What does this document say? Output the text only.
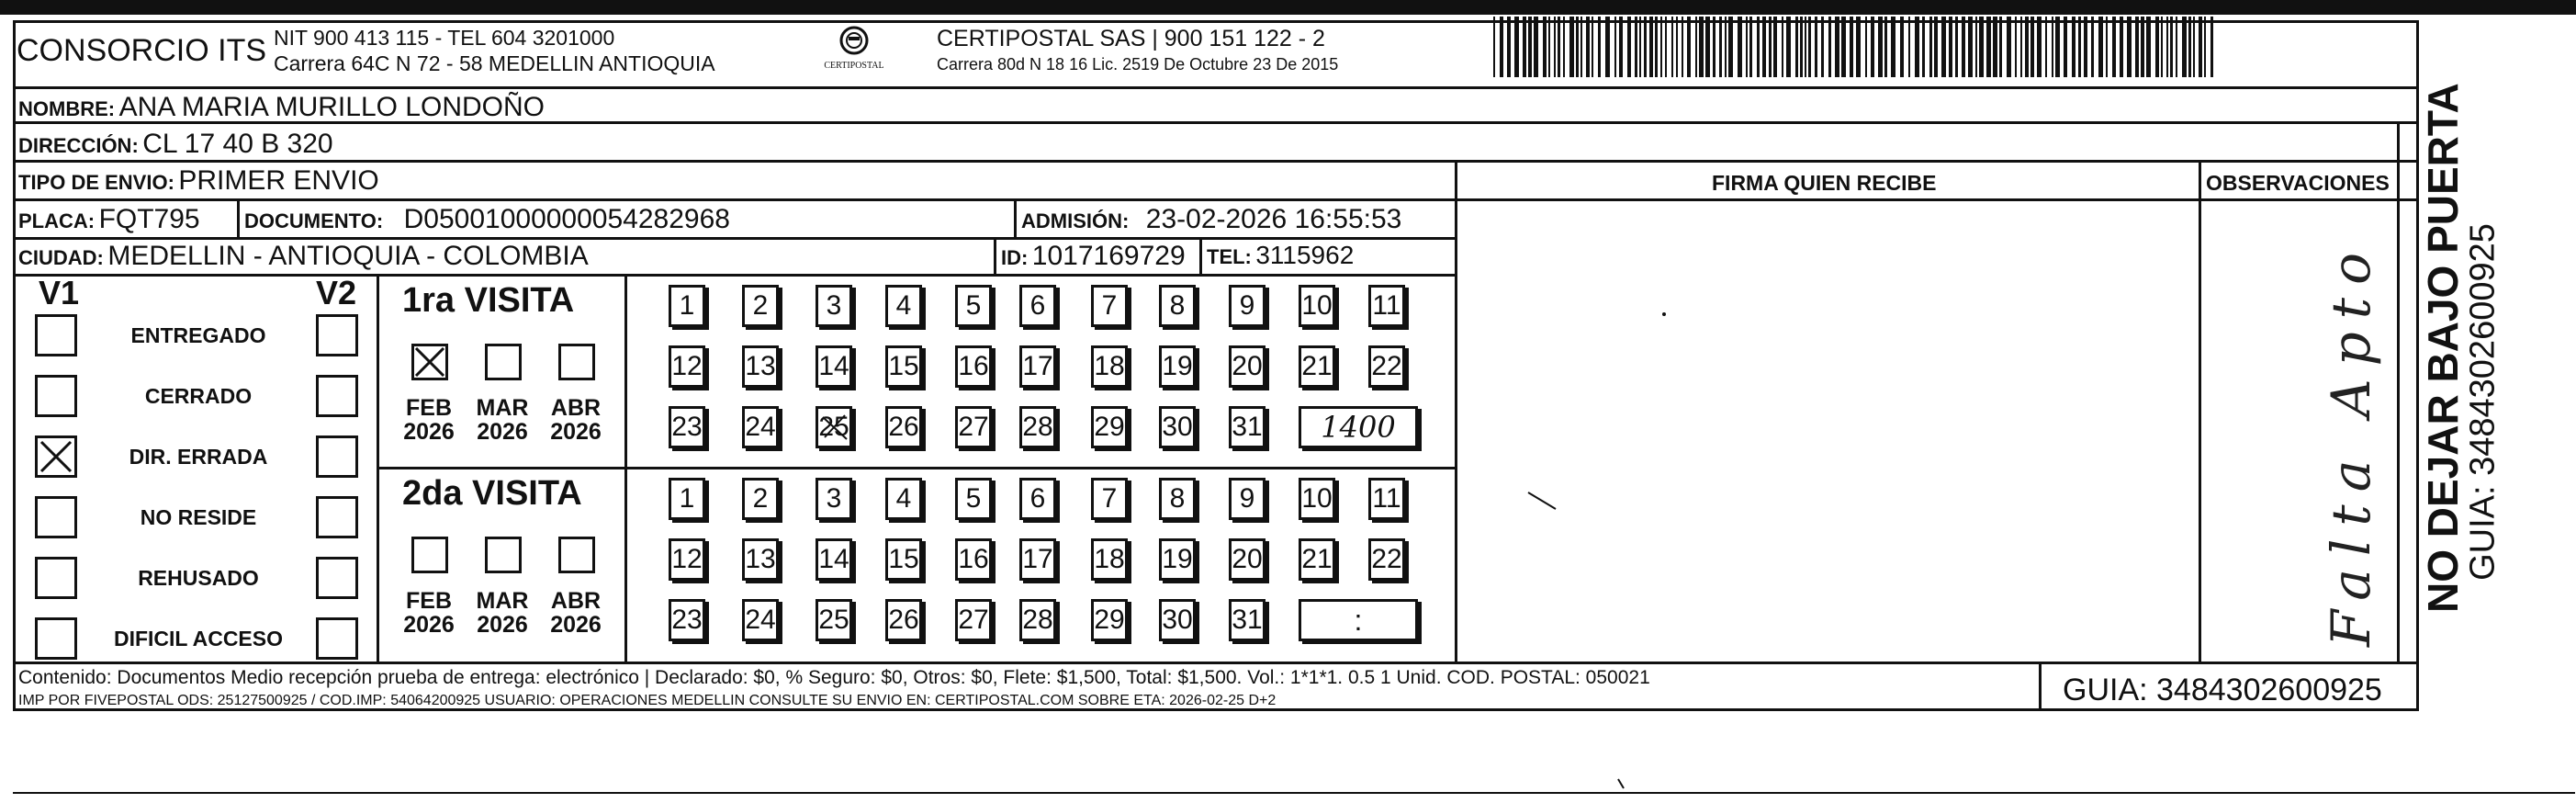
CONSORCIO ITS NIT 900 413 115 - TEL 604 3201000
Carrera 64C N 72 - 58 MEDELLIN ANTIOQUIA	CERTIPOSTAL
CERTIPOSTAL SAS | 900 151 122 - 2
Carrera 80d N 18 16 Lic. 2519 De Octubre 23 De 2015
NOMBRE: ANA MARIA MURILLO LONDOÑO
DIRECCIÓN: CL 17 40 B 320
TIPO DE ENVIO: PRIMER ENVIO	FIRMA QUIEN RECIBE	OBSERVACIONES
PLACA: FQT795 DOCUMENTO: D05001000000054282968	ADMISIÓN: 23-02-2026 16:55:53
CIUDAD: MEDELLIN - ANTIOQUIA - COLOMBIA	ID: 1017169729 TEL: 3115962
V1	V2
ENTREGADO
CERRADO
DIR. ERRADA
NO RESIDE
REHUSADO
DIFICIL ACCESO
1ra VISITA
2da VISITA
FEB
2026
MAR
2026
ABR
2026
1	2	3	4	5	6	7	8	9	10 11
12 13 14 15 16 17 18 19 20 21 22
23 24 25 26 27 28 29 30 31	1400
FEB
2026
MAR
2026
ABR
2026
1	2	3	4	5	6	7	8	9	10 11
12 13 14 15 16 17 18 19 20 21 22
23 24 25 26 27 28 29 30 31	:	Falta Apto NO DEJAR BAJO PUERTA
GUIA: 3484302600925
Contenido: Documentos Medio recepción prueba de entrega: electrónico | Declarado: $0, % Seguro: $0, Otros: $0, Flete: $1,500, Total: $1,500. Vol.: 1*1*1. 0.5 1 Unid. COD. POSTAL: 050021
IMP POR FIVEPOSTAL ODS: 25127500925 / COD.IMP: 54064200925 USUARIO: OPERACIONES MEDELLIN CONSULTE SU ENVIO EN: CERTIPOSTAL.COM SOBRE ETA: 2026-02-25 D+2	GUIA: 3484302600925
